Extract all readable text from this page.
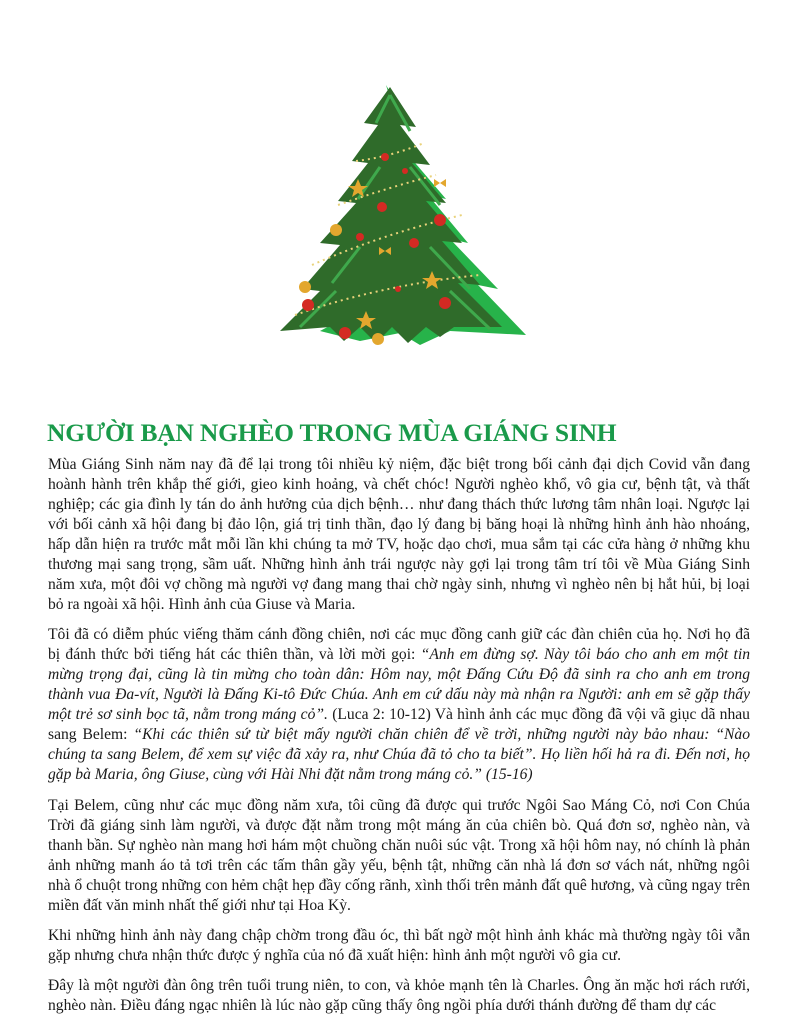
NGƯỜI BẠN NGHÈO TRONG MÙA GIÁNG SINH

Mùa Giáng Sinh năm nay đã để lại trong tôi nhiều kỷ niệm, đặc biệt trong bối cảnh đại dịch Covid vẫn đang hoành hành trên khắp thế giới, gieo kinh hoảng, và chết chóc! Người nghèo khổ, vô gia cư, bệnh tật, và thất nghiệp; các gia đình ly tán do ảnh hưởng của dịch bệnh… như đang thách thức lương tâm nhân loại. Ngược lại với bối cảnh xã hội đang bị đảo lộn, giá trị tinh thần, đạo lý đang bị băng hoại là những hình ảnh hào nhoáng, hấp dẫn hiện ra trước mắt mỗi lần khi chúng ta mở TV, hoặc dạo chơi, mua sắm tại các cửa hàng ở những khu thương mại sang trọng, sầm uất. Những hình ảnh trái ngược này gợi lại trong tâm trí tôi về Mùa Giáng Sinh năm xưa, một đôi vợ chồng mà người vợ đang mang thai chờ ngày sinh, nhưng vì nghèo nên bị hắt hủi, bị loại bỏ ra ngoài xã hội. Hình ảnh của Giuse và Maria.

Tôi đã có diễm phúc viếng thăm cánh đồng chiên, nơi các mục đồng canh giữ các đàn chiên của họ. Nơi họ đã bị đánh thức bởi tiếng hát các thiên thần, và lời mời gọi: “Anh em đừng sợ. Này tôi báo cho anh em một tin mừng trọng đại, cũng là tin mừng cho toàn dân: Hôm nay, một Đấng Cứu Độ đã sinh ra cho anh em trong thành vua Đa-vít, Người là Đấng Ki-tô Đức Chúa. Anh em cứ dấu này mà nhận ra Người: anh em sẽ gặp thấy một trẻ sơ sinh bọc tã, nằm trong máng cỏ”. (Luca 2: 10-12) Và hình ảnh các mục đồng đã vội vã giục dã nhau sang Belem: “Khi các thiên sứ từ biệt mấy người chăn chiên để về trời, những người này bảo nhau: “Nào chúng ta sang Belem, để xem sự việc đã xảy ra, như Chúa đã tỏ cho ta biết”. Họ liền hối hả ra đi. Đến nơi, họ gặp bà Maria, ông Giuse, cùng với Hài Nhi đặt nằm trong máng cỏ.” (15-16)

Tại Belem, cũng như các mục đồng năm xưa, tôi cũng đã được qui trước Ngôi Sao Máng Cỏ, nơi Con Chúa Trời đã giáng sinh làm người, và được đặt nằm trong một máng ăn của chiên bò. Quá đơn sơ, nghèo nàn, và thanh bần. Sự nghèo nàn mang hơi hám một chuồng chăn nuôi súc vật. Trong xã hội hôm nay, nó chính là phản ảnh những manh áo tả tơi trên các tấm thân gầy yếu, bệnh tật, những căn nhà lá đơn sơ vách nát, những ngôi nhà ổ chuột trong những con hẻm chật hẹp đầy cống rãnh, xình thối trên mảnh đất quê hương, và cũng ngay trên miền đất văn minh nhất thế giới như tại Hoa Kỳ.

Khi những hình ảnh này đang chập chờm trong đầu óc, thì bất ngờ một hình ảnh khác mà thường ngày tôi vẫn gặp nhưng chưa nhận thức được ý nghĩa của nó đã xuất hiện: hình ảnh một người vô gia cư.

Đây là một người đàn ông trên tuổi trung niên, to con, và khỏe mạnh tên là Charles. Ông ăn mặc hơi rách rưới, nghèo nàn. Điều đáng ngạc nhiên là lúc nào gặp cũng thấy ông ngồi phía dưới thánh đường để tham dự các
